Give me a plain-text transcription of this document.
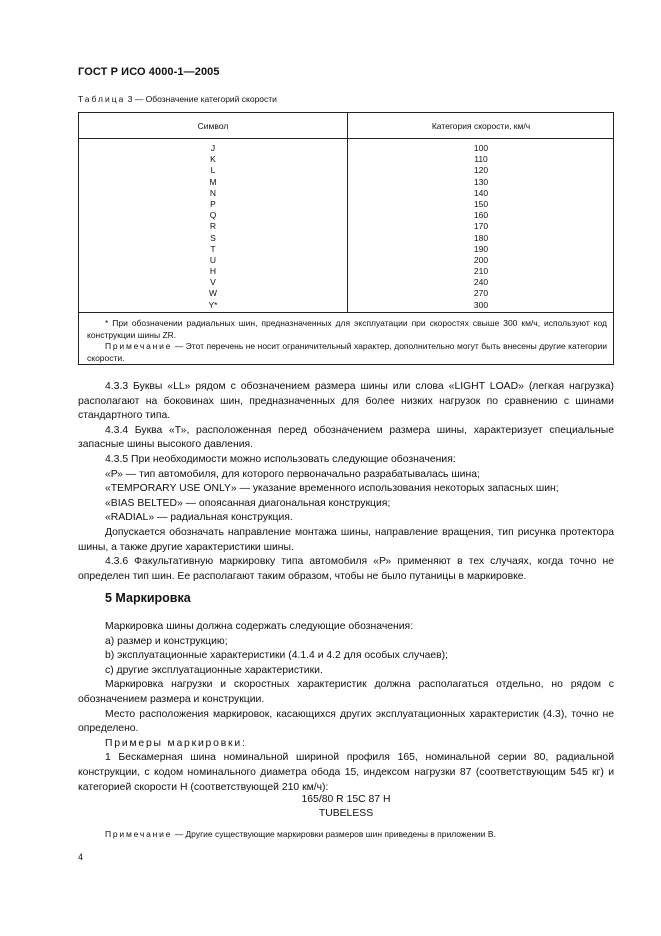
ГОСТ Р ИСО 4000-1—2005
Таблица 3 — Обозначение категорий скорости
Символ	Категория скорости, км/ч
J
K
L
M
N
P
Q
R
S
T
U
H
V
W
Y*
100
110
120
130
140
150
160
170
180
190
200
210
240
270
300

* При обозначении радиальных шин, предназначенных для эксплуатации при скоростях свыше 300 км/ч, используют код конструкции шины ZR.

Примечание — Этот перечень не носит ограничительный характер, дополнительно могут быть внесены другие категории скорости.

4.3.3 Буквы «LL» рядом с обозначением размера шины или слова «LIGHT LOAD» (легкая нагрузка) располагают на боковинах шин, предназначенных для более низких нагрузок по сравнению с шинами стандартного типа.

4.3.4 Буква «Т», расположенная перед обозначением размера шины, характеризует специальные запасные шины высокого давления.

4.3.5 При необходимости можно использовать следующие обозначения:

«Р» — тип автомобиля, для которого первоначально разрабатывалась шина;

«TEMPORARY USE ONLY» — указание временного использования некоторых запасных шин;

«BIAS BELTED» — опоясанная диагональная конструкция;

«RADIAL» — радиальная конструкция.

Допускается обозначать направление монтажа шины, направление вращения, тип рисунка протектора шины, а также другие характеристики шины.

4.3.6 Факультативную маркировку типа автомобиля «Р» применяют в тех случаях, когда точно не определен тип шин. Ее располагают таким образом, чтобы не было путаницы в маркировке.

5 Маркировка

Маркировка шины должна содержать следующие обозначения:

a) размер и конструкцию;

b) эксплуатационные характеристики (4.1.4 и 4.2 для особых случаев);

c) другие эксплуатационные характеристики.

Маркировка нагрузки и скоростных характеристик должна располагаться отдельно, но рядом с обозначением размера и конструкции.

Место расположения маркировок, касающихся других эксплуатационных характеристик (4.3), точно не определено.

Примеры маркировки:

1 Бескамерная шина номинальной шириной профиля 165, номинальной серии 80, радиальной конструкции, с кодом номинального диаметра обода 15, индексом нагрузки 87 (соответствующим 545 кг) и категорией скорости Н (соответствующей 210 км/ч):

165/80 R 15C 87 H
TUBELESS
Примечание — Другие существующие маркировки размеров шин приведены в приложении В.
4
